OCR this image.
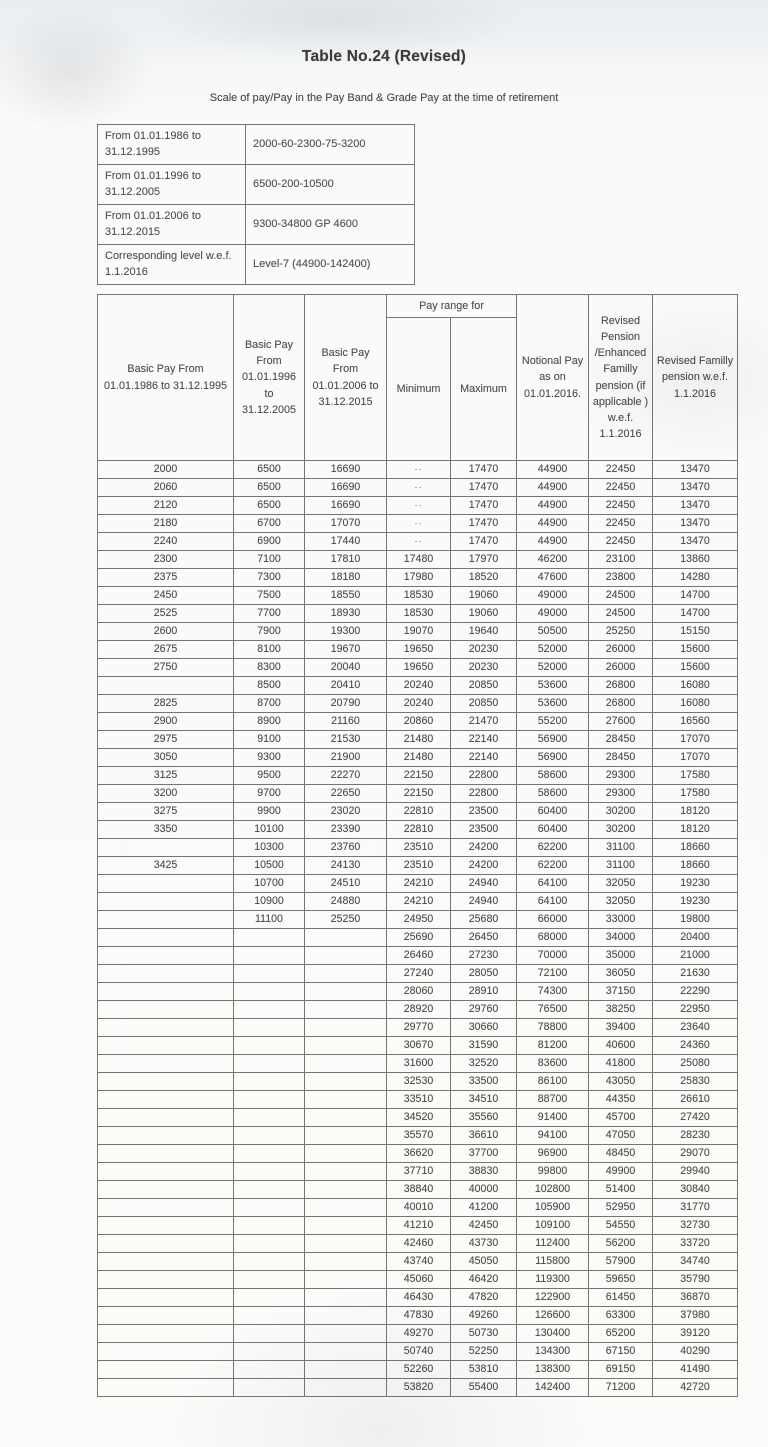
Table No.24 (Revised)
Scale of pay/Pay in the Pay Band & Grade Pay at the time of retirement
From 01.01.1986 to 31.12.1995	2000-60-2300-75-3200
From 01.01.1996 to 31.12.2005	6500-200-10500
From 01.01.2006 to 31.12.2015	9300-34800 GP 4600
Corresponding level w.e.f. 1.1.2016	Level-7 (44900-142400)
Basic Pay From 01.01.1986 to 31.12.1995	Basic Pay From 01.01.1996 to 31.12.2005	Basic Pay From 01.01.2006 to 31.12.2015	Pay range for		Notional Pay as on 01.01.2016.	Revised Pension /Enhanced Familly pension (if applicable ) w.e.f. 1.1.2016	Revised Familly pension w.e.f. 1.1.2016
			Minimum	Maximum			
2000	6500	16690	··	17470	44900	22450	13470
2060	6500	16690	··	17470	44900	22450	13470
2120	6500	16690	··	17470	44900	22450	13470
2180	6700	17070	··	17470	44900	22450	13470
2240	6900	17440	··	17470	44900	22450	13470
2300	7100	17810	17480	17970	46200	23100	13860
2375	7300	18180	17980	18520	47600	23800	14280
2450	7500	18550	18530	19060	49000	24500	14700
2525	7700	18930	18530	19060	49000	24500	14700
2600	7900	19300	19070	19640	50500	25250	15150
2675	8100	19670	19650	20230	52000	26000	15600
2750	8300	20040	19650	20230	52000	26000	15600
	8500	20410	20240	20850	53600	26800	16080
2825	8700	20790	20240	20850	53600	26800	16080
2900	8900	21160	20860	21470	55200	27600	16560
2975	9100	21530	21480	22140	56900	28450	17070
3050	9300	21900	21480	22140	56900	28450	17070
3125	9500	22270	22150	22800	58600	29300	17580
3200	9700	22650	22150	22800	58600	29300	17580
3275	9900	23020	22810	23500	60400	30200	18120
3350	10100	23390	22810	23500	60400	30200	18120
	10300	23760	23510	24200	62200	31100	18660
3425	10500	24130	23510	24200	62200	31100	18660
	10700	24510	24210	24940	64100	32050	19230
	10900	24880	24210	24940	64100	32050	19230
	11100	25250	24950	25680	66000	33000	19800
			25690	26450	68000	34000	20400
			26460	27230	70000	35000	21000
			27240	28050	72100	36050	21630
			28060	28910	74300	37150	22290
			28920	29760	76500	38250	22950
			29770	30660	78800	39400	23640
			30670	31590	81200	40600	24360
			31600	32520	83600	41800	25080
			32530	33500	86100	43050	25830
			33510	34510	88700	44350	26610
			34520	35560	91400	45700	27420
			35570	36610	94100	47050	28230
			36620	37700	96900	48450	29070
			37710	38830	99800	49900	29940
			38840	40000	102800	51400	30840
			40010	41200	105900	52950	31770
			41210	42450	109100	54550	32730
			42460	43730	112400	56200	33720
			43740	45050	115800	57900	34740
			45060	46420	119300	59650	35790
			46430	47820	122900	61450	36870
			47830	49260	126600	63300	37980
			49270	50730	130400	65200	39120
			50740	52250	134300	67150	40290
			52260	53810	138300	69150	41490
			53820	55400	142400	71200	42720
